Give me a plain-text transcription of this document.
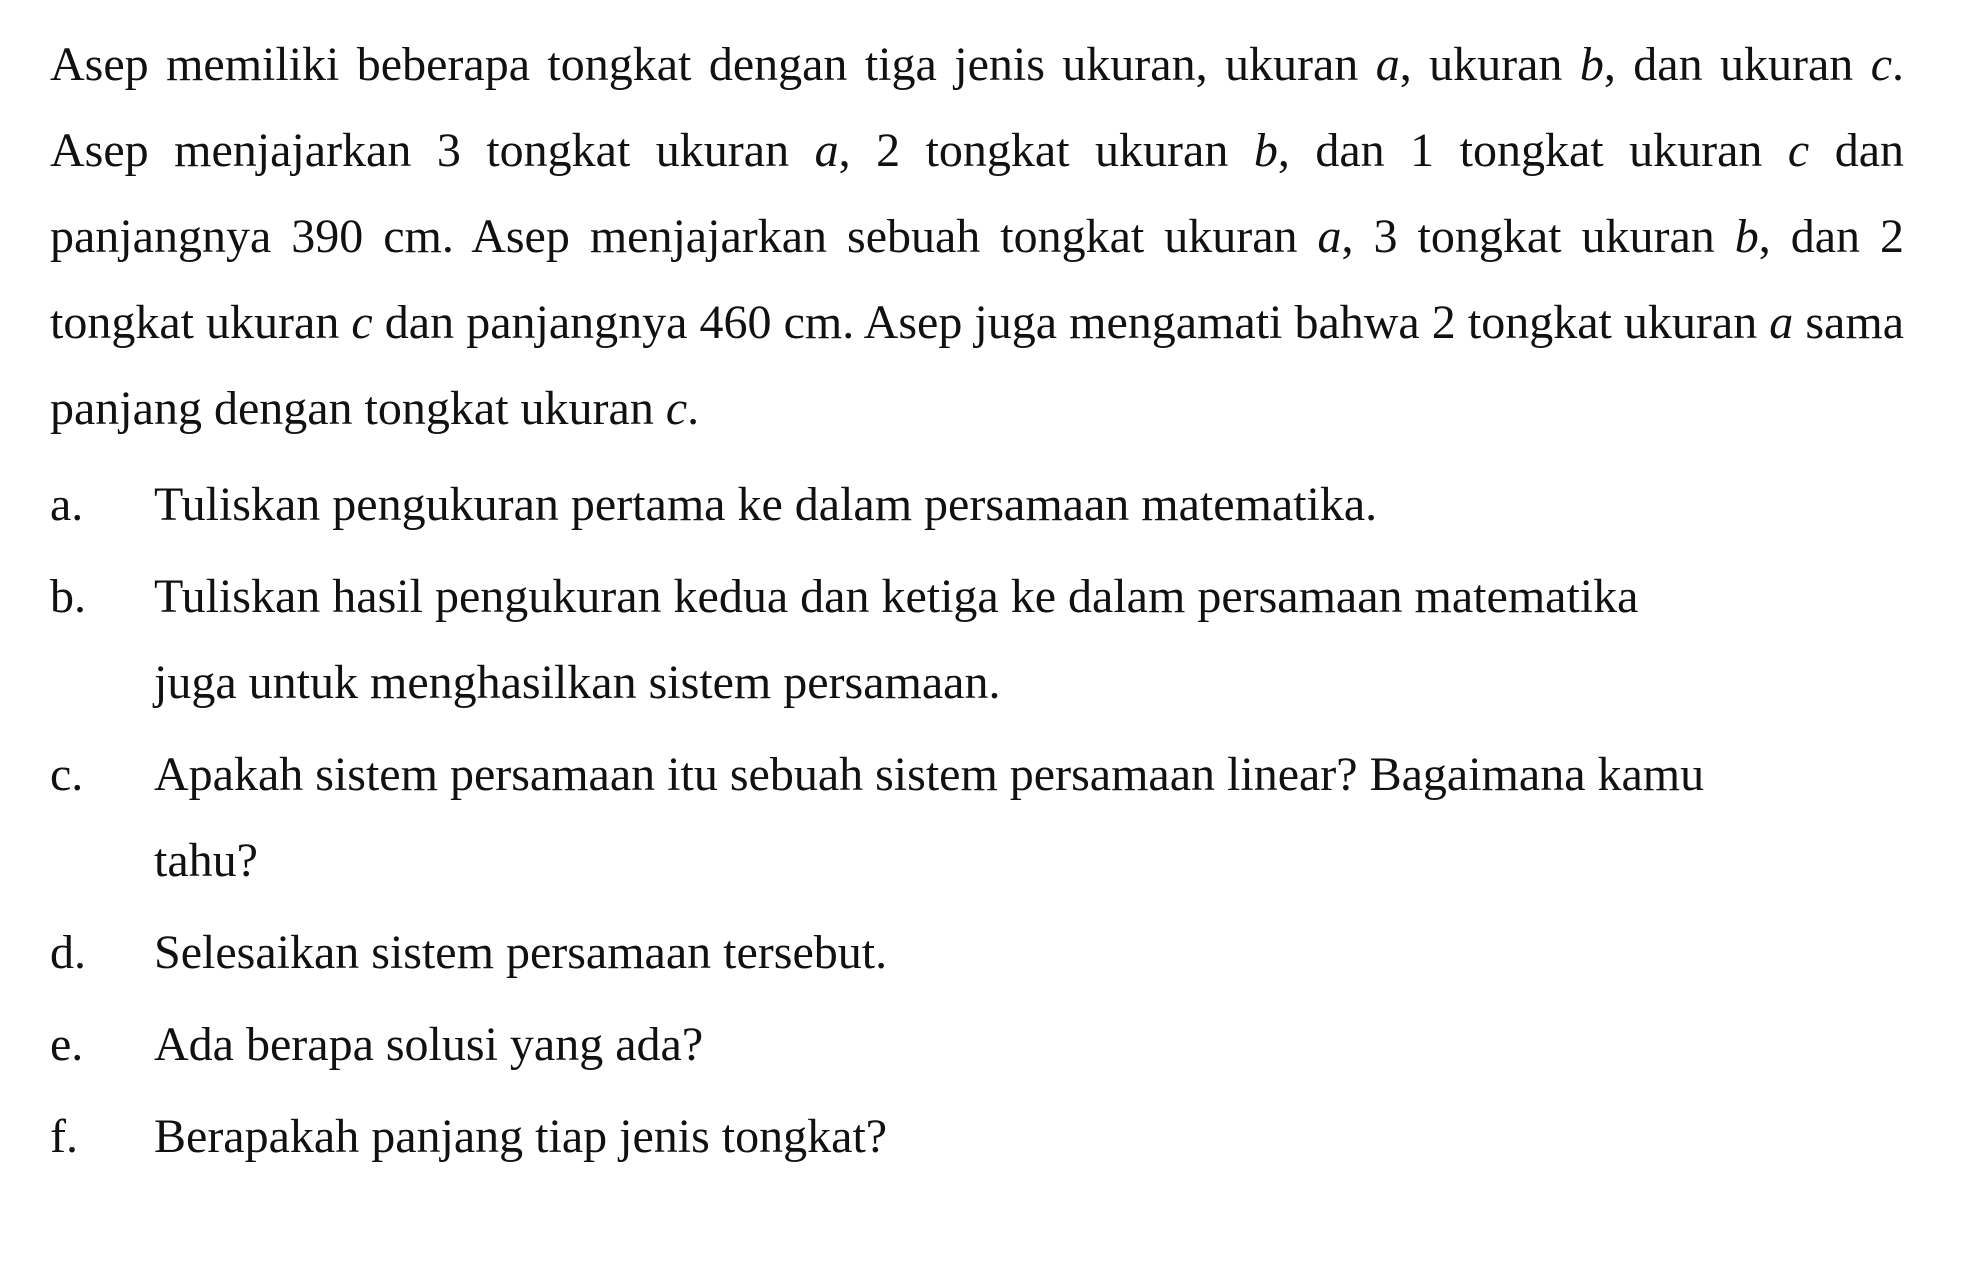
Asep memiliki beberapa tongkat dengan tiga jenis ukuran, ukuran a, ukuran b, dan ukuran c. Asep menjajarkan 3 tongkat ukuran a, 2 tongkat ukuran b, dan 1 tongkat ukuran c dan panjangnya 390 cm. Asep menjajarkan sebuah tongkat ukuran a, 3 tongkat ukuran b, dan 2 tongkat ukuran c dan panjangnya 460 cm. Asep juga mengamati bahwa 2 tongkat ukuran a sama panjang dengan tongkat ukuran c.

a. Tuliskan pengukuran pertama ke dalam persamaan matematika.
b. Tuliskan hasil pengukuran kedua dan ketiga ke dalam persamaan matematika juga untuk menghasilkan sistem persamaan.
c. Apakah sistem persamaan itu sebuah sistem persamaan linear? Bagaimana kamu tahu?
d. Selesaikan sistem persamaan tersebut.
e. Ada berapa solusi yang ada?
f. Berapakah panjang tiap jenis tongkat?
